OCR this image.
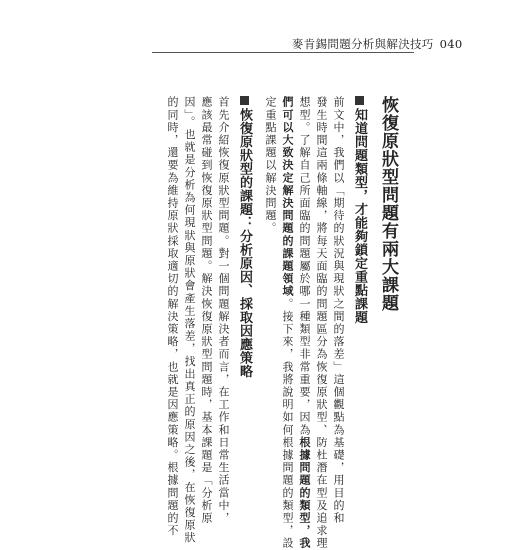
麥肯錫問題分析與解決技巧 040
恢復原狀型問題有兩大課題
知道問題類型，才能夠鎖定重點課題
前文中，我們以「期待的狀況與現狀之間的落差」這個觀點為基礎，用目的和
發生時間這兩條軸線，將每天面臨的問題區分為恢復原狀型、防杜潛在型及追求理
想型。了解自己所面臨的問題屬於哪一種類型非常重要，因為根據問題的類型，我
們可以大致決定解決問題的課題領域。接下來，我將說明如何根據問題的類型，設
定重點課題以解決問題。
恢復原狀型的課題：分析原因、採取因應策略
首先介紹恢復原狀型問題。對一個問題解決者而言，在工作和日常生活當中，
應該最常碰到恢復原狀型問題。解決恢復原狀型問題時，基本課題是「分析原
因」。也就是分析為何現狀與原狀會產生落差，找出真正的原因之後，在恢復原狀
的同時，還要為維持原狀採取適切的解決策略，也就是因應策略。根據問題的不
